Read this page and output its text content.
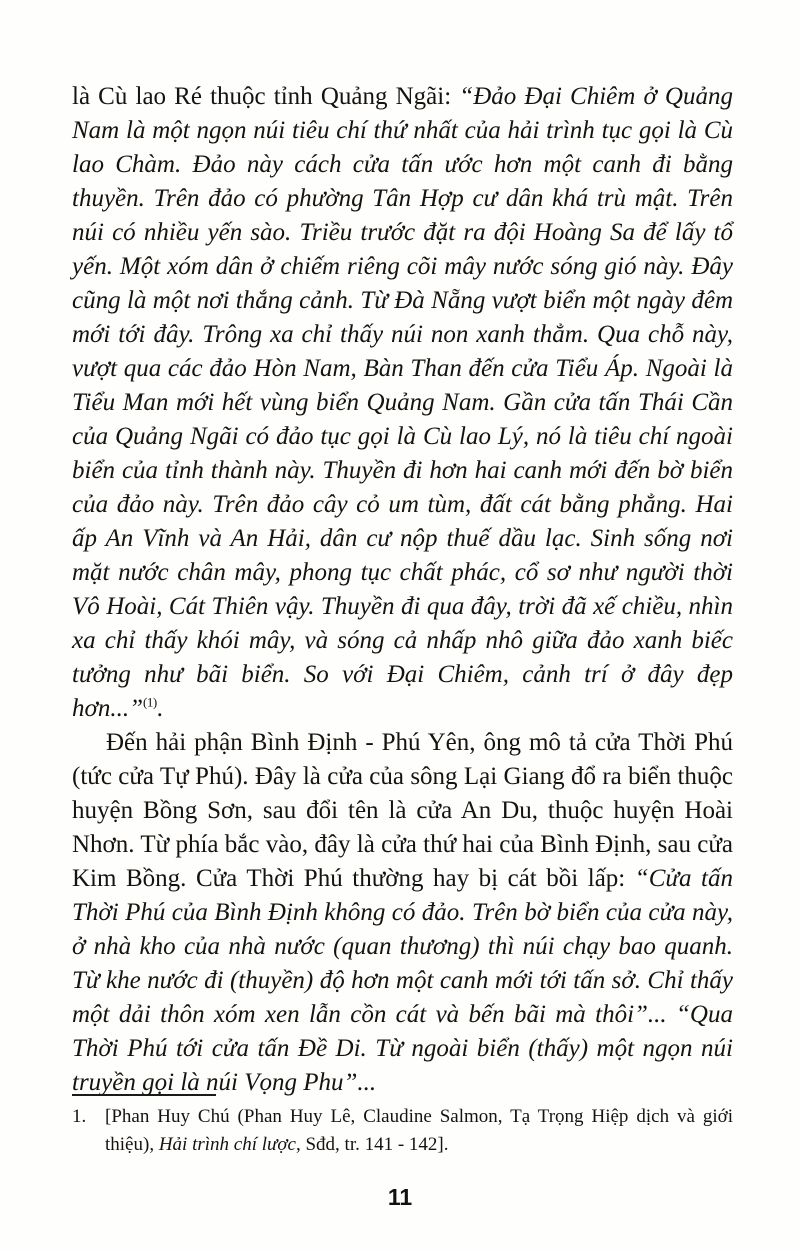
là Cù lao Ré thuộc tỉnh Quảng Ngãi: “Đảo Đại Chiêm ở Quảng Nam là một ngọn núi tiêu chí thứ nhất của hải trình tục gọi là Cù lao Chàm. Đảo này cách cửa tấn ước hơn một canh đi bằng thuyền. Trên đảo có phường Tân Hợp cư dân khá trù mật. Trên núi có nhiều yến sào. Triều trước đặt ra đội Hoàng Sa để lấy tổ yến. Một xóm dân ở chiếm riêng cõi mây nước sóng gió này. Đây cũng là một nơi thắng cảnh. Từ Đà Nẵng vượt biển một ngày đêm mới tới đây. Trông xa chỉ thấy núi non xanh thẳm. Qua chỗ này, vượt qua các đảo Hòn Nam, Bàn Than đến cửa Tiểu Áp. Ngoài là Tiểu Man mới hết vùng biển Quảng Nam. Gần cửa tấn Thái Cần của Quảng Ngãi có đảo tục gọi là Cù lao Lý, nó là tiêu chí ngoài biển của tỉnh thành này. Thuyền đi hơn hai canh mới đến bờ biển của đảo này. Trên đảo cây cỏ um tùm, đất cát bằng phẳng. Hai ấp An Vĩnh và An Hải, dân cư nộp thuế dầu lạc. Sinh sống nơi mặt nước chân mây, phong tục chất phác, cổ sơ như người thời Vô Hoài, Cát Thiên vậy. Thuyền đi qua đây, trời đã xế chiều, nhìn xa chỉ thấy khói mây, và sóng cả nhấp nhô giữa đảo xanh biếc tưởng như bãi biển. So với Đại Chiêm, cảnh trí ở đây đẹp hơn...”$^{(1)}$.

Đến hải phận Bình Định - Phú Yên, ông mô tả cửa Thời Phú (tức cửa Tự Phú). Đây là cửa của sông Lại Giang đổ ra biển thuộc huyện Bồng Sơn, sau đổi tên là cửa An Du, thuộc huyện Hoài Nhơn. Từ phía bắc vào, đây là cửa thứ hai của Bình Định, sau cửa Kim Bồng. Cửa Thời Phú thường hay bị cát bồi lấp: “Cửa tấn Thời Phú của Bình Định không có đảo. Trên bờ biển của cửa này, ở nhà kho của nhà nước (quan thương) thì núi chạy bao quanh. Từ khe nước đi (thuyền) độ hơn một canh mới tới tấn sở. Chỉ thấy một dải thôn xóm xen lẫn cồn cát và bến bãi mà thôi”... “Qua Thời Phú tới cửa tấn Đề Di. Từ ngoài biển (thấy) một ngọn núi truyền gọi là núi Vọng Phu”...

1. [Phan Huy Chú (Phan Huy Lê, Claudine Salmon, Tạ Trọng Hiệp dịch và giới thiệu), Hải trình chí lược, Sđd, tr. 141 - 142].
11
